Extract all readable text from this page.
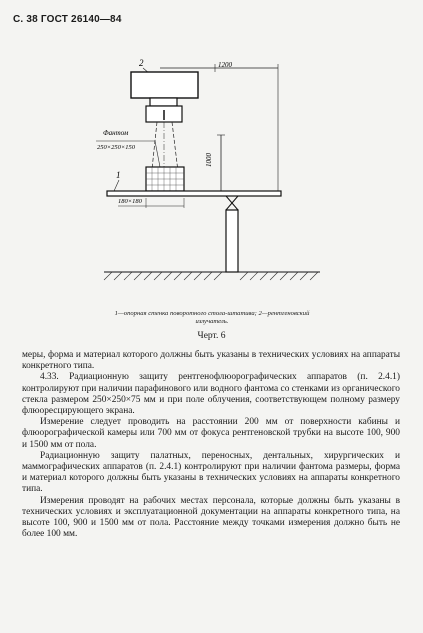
С. 38 ГОСТ 26140—84
1200
2
1000
Фантом
250×250×150
1
180×180
1—опорная стенка поворотного стола-штатива; 2—рентгеновский излучатель.
Черт. 6

меры, форма и материал которого должны быть указаны в технических условиях на аппараты конкретного типа.

4.33. Радиационную защиту рентгенофлюорографических аппаратов (п. 2.4.1) контролируют при наличии парафинового или водного фантома со стенками из органического стекла размером 250×250×75 мм и при поле облучения, соответствующем полному размеру флюоресцирующего экрана.

Измерение следует проводить на расстоянии 200 мм от поверхности кабины и флюорографической камеры или 700 мм от фокуса рентгеновской трубки на высоте 100, 900 и 1500 мм от пола.

Радиационную защиту палатных, переносных, дентальных, хирургических и маммографических аппаратов (п. 2.4.1) контролируют при наличии фантома размеры, форма и материал которого должны быть указаны в технических условиях на аппараты конкретного типа.

Измерения проводят на рабочих местах персонала, которые должны быть указаны в технических условиях и эксплуатационной документации на аппараты конкретного типа, на высоте 100, 900 и 1500 мм от пола. Расстояние между точками измерения должно быть не более 100 мм.
